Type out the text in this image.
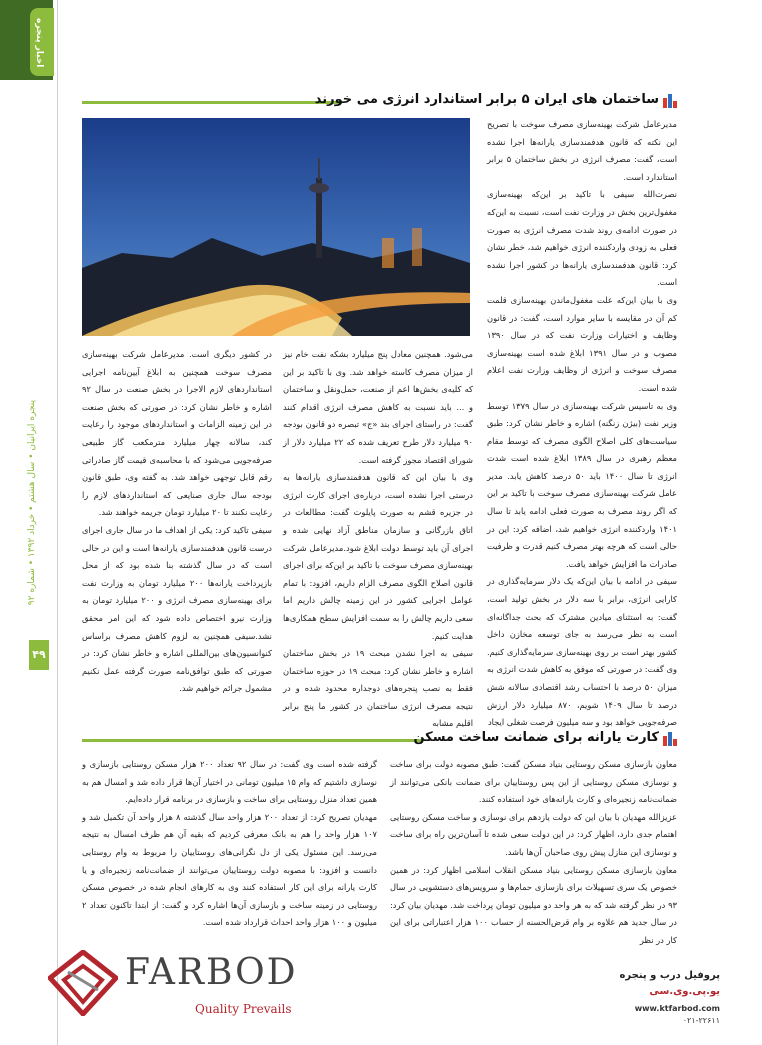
اخبار پنجره
پنجره ایرانیان • سال هشتم • خرداد ۱۳۹۲ • شماره ۹۲
۴۹
ساختمان های ایران ۵ برابر استاندارد انرژی می خورند

مدیرعامل شرکت بهینه‌سازی مصرف سوخت با تصریح این نکته که قانون هدفمندسازی یارانه‌ها اجرا نشده است، گفت: مصرف انرژی در بخش ساختمان ۵ برابر استاندارد است.

نصرت‌الله سیفی با تاکید بر این‌که بهینه‌سازی مغفول‌ترین بخش در وزارت نفت است، نسبت به این‌که در صورت ادامه‌ی روند شدت مصرف انرژی به صورت فعلی به زودی واردکننده انرژی خواهیم شد، خطر نشان کرد: قانون هدفمندسازی یارانه‌ها در کشور اجرا نشده است.

وی با بیان این‌که علت مغفول‌ماندن بهینه‌سازی قلمت کم آن در مقایسه با سایر موارد است، گفت: در قانون وظایف و اختیارات وزارت نفت که در سال ۱۳۹۰ مصوب و در سال ۱۳۹۱ ابلاغ شده است بهینه‌سازی مصرف سوخت و انرژی از وظایف وزارت نفت اعلام شده است.

وی به تاسیس شرکت بهینه‌سازی در سال ۱۳۷۹ توسط وزیر نفت (بیژن زنگنه) اشاره و خاطر نشان کرد: طبق سیاست‌های کلی اصلاح الگوی مصرف که توسط مقام معظم رهبری در سال ۱۳۸۹ ابلاغ شده است شدت انرژی تا سال ۱۴۰۰ باید ۵۰ درصد کاهش یابد. مدیر عامل شرکت بهینه‌سازی مصرف سوخت با تاکید بر این که اگر روند مصرف به صورت فعلی ادامه یابد تا سال ۱۴۰۱ واردکننده انرژی خواهیم شد، اضافه کرد: این در حالی است که هرچه بهتر مصرف کنیم قدرت و ظرفیت صادرات ما افزایش خواهد یافت.

سیفی در ادامه با بیان این‌که یک دلار سرمایه‌گذاری در کارایی انرژی، برابر با سه دلار در بخش تولید است، گفت: به استثنای میادین مشترک که بحث جداگانه‌ای است به نظر می‌رسد به جای توسعه مخازن داخل کشور بهتر است بر روی بهینه‌سازی سرمایه‌گذاری کنیم. وی گفت: در صورتی که موفق به کاهش شدت انرژی به میزان ۵۰ درصد با احتساب رشد اقتصادی سالانه شش درصد تا سال ۱۴۰۹ شویم، ۸۷۰ میلیارد دلار ارزش صرفه‌جویی خواهد بود و سه میلیون فرصت شغلی ایجاد

می‌شود. همچنین معادل پنج میلیارد بشکه نفت خام نیز از میزان مصرف کاسته خواهد شد. وی با تاکید بر این که کلیه‌ی بخش‌ها اعم از صنعت، حمل‌ونقل و ساختمان و ... باید نسبت به کاهش مصرف انرژی اقدام کنند گفت: در راستای اجرای بند «ج» تبصره دو قانون بودجه ۹۰ میلیارد دلار طرح تعریف شده که ۲۲ میلیارد دلار از شورای اقتصاد مجوز گرفته است.

وی با بیان این که قانون هدفمندسازی یارانه‌ها به درستی اجرا نشده است، درباره‌ی اجرای کارت انرژی در جزیره قشم به صورت پایلوت گفت: مطالعات در اتاق بازرگانی و سازمان مناطق آزاد نهایی شده و اجرای آن باید توسط دولت ابلاغ شود.مدیرعامل شرکت بهینه‌سازی مصرف سوخت با تاکید بر این‌که برای اجرای قانون اصلاح الگوی مصرف الزام داریم، افزود: با تمام عوامل اجرایی کشور در این زمینه چالش داریم اما سعی داریم چالش را به سمت افزایش سطح همکاری‌ها هدایت کنیم.

سیفی به اجرا نشدن مبحث ۱۹ در بخش ساختمان اشاره و خاطر نشان کرد: مبحث ۱۹ در حوزه ساختمان فقط به نصب پنجره‌های دوجداره محدود شده و در نتیجه مصرف انرژی ساختمان در کشور ما پنج برابر اقلیم مشابه

در کشور دیگری است. مدیرعامل شرکت بهینه‌سازی مصرف سوخت همچنین به ابلاغ آیین‌نامه اجرایی استانداردهای لازم الاجرا در بخش صنعت در سال ۹۲ اشاره و خاطر نشان کرد: در صورتی که بخش صنعت در این زمینه الزامات و استانداردهای موجود را رعایت کند، سالانه چهار میلیارد مترمکعب گاز طبیعی صرفه‌جویی می‌شود که با محاسبه‌ی قیمت گاز صادراتی رقم قابل توجهی خواهد شد. به گفته وی، طبق قانون بودجه سال جاری صنایعی که استانداردهای لازم را رعایت نکنند تا ۲۰ میلیارد تومان جریمه خواهند شد.

سیفی تاکید کرد: یکی از اهداف ما در سال جاری اجرای درست قانون هدفمندسازی یارانه‌ها است و این در حالی است که در سال گذشته بنا شده بود که از محل بازپرداخت یارانه‌ها ۲۰۰ میلیارد تومان به وزارت نفت برای بهینه‌سازی مصرف انرژی و ۲۰۰ میلیارد تومان به وزارت نیرو اختصاص داده شود که این امر محقق نشد.سیفی همچنین به لزوم کاهش مصرف براساس کنوانسیون‌های بین‌المللی اشاره و خاطر نشان کرد: در صورتی که طبق توافق‌نامه صورت گرفته عمل نکنیم مشمول جرائم خواهیم شد.

کارت یارانه برای ضمانت ساخت مسکن

معاون بازسازی مسکن روستایی بنیاد مسکن گفت: طبق مصوبه دولت برای ساخت و نوسازی مسکن روستایی از این پس روستاییان برای ضمانت بانکی می‌توانند از ضمانت‌نامه زنجیره‌ای و کارت یارانه‌های خود استفاده کنند.

عزیزالله مهدیان با بیان این که دولت یازدهم برای نوسازی و ساخت مسکن روستایی اهتمام جدی دارد، اظهار کرد: در این دولت سعی شده تا آسان‌ترین راه برای ساخت و نوسازی این منازل پیش روی صاحبان آن‌ها باشد.

معاون بازسازی مسکن روستایی بنیاد مسکن انقلاب اسلامی اظهار کرد: در همین خصوص یک سری تسهیلات برای بازسازی حمام‌ها و سرویس‌های دستشویی در سال ۹۳ در نظر گرفته شد که به هر واحد دو میلیون تومان پرداخت شد. مهدیان بیان کرد: در سال جدید هم علاوه بر وام قرض‌الحسنه از حساب ۱۰۰ هزار اعتباراتی برای این کار در نظر

گرفته شده است وی گفت: در سال ۹۲ تعداد ۲۰۰ هزار مسکن روستایی بازسازی و نوسازی داشتیم که وام ۱۵ میلیون تومانی در اختیار آن‌ها قرار داده شد و امسال هم به همین تعداد منزل روستایی برای ساخت و بازسازی در برنامه قرار داده‌ایم.

مهدیان تصریح کرد: از تعداد ۲۰۰ هزار واحد سال گذشته ۸ هزار واحد آن تکمیل شد و ۱۰۷ هزار واحد را هم به بانک معرفی کردیم که بقیه آن هم ظرف امسال به نتیجه می‌رسد. این مسئول یکی از دل نگرانی‌های روستاییان را مربوط به وام روستایی دانست و افزود: با مصوبه دولت روستاییان می‌توانند از ضمانت‌نامه زنجیره‌ای و یا کارت یارانه برای این کار استفاده کنند وی به کارهای انجام شده در خصوص مسکن روستایی در زمینه ساخت و بازسازی آن‌ها اشاره کرد و گفت: از ابتدا تاکنون تعداد ۲ میلیون و ۱۰۰ هزار واحد احداث قرارداد شده است.

FARBOD
Quality Prevails
پروفیل درب و پنجره
یو.پی.وی.سی
www.ktfarbod.com
۰۲۱-۲۲۶۱۱
